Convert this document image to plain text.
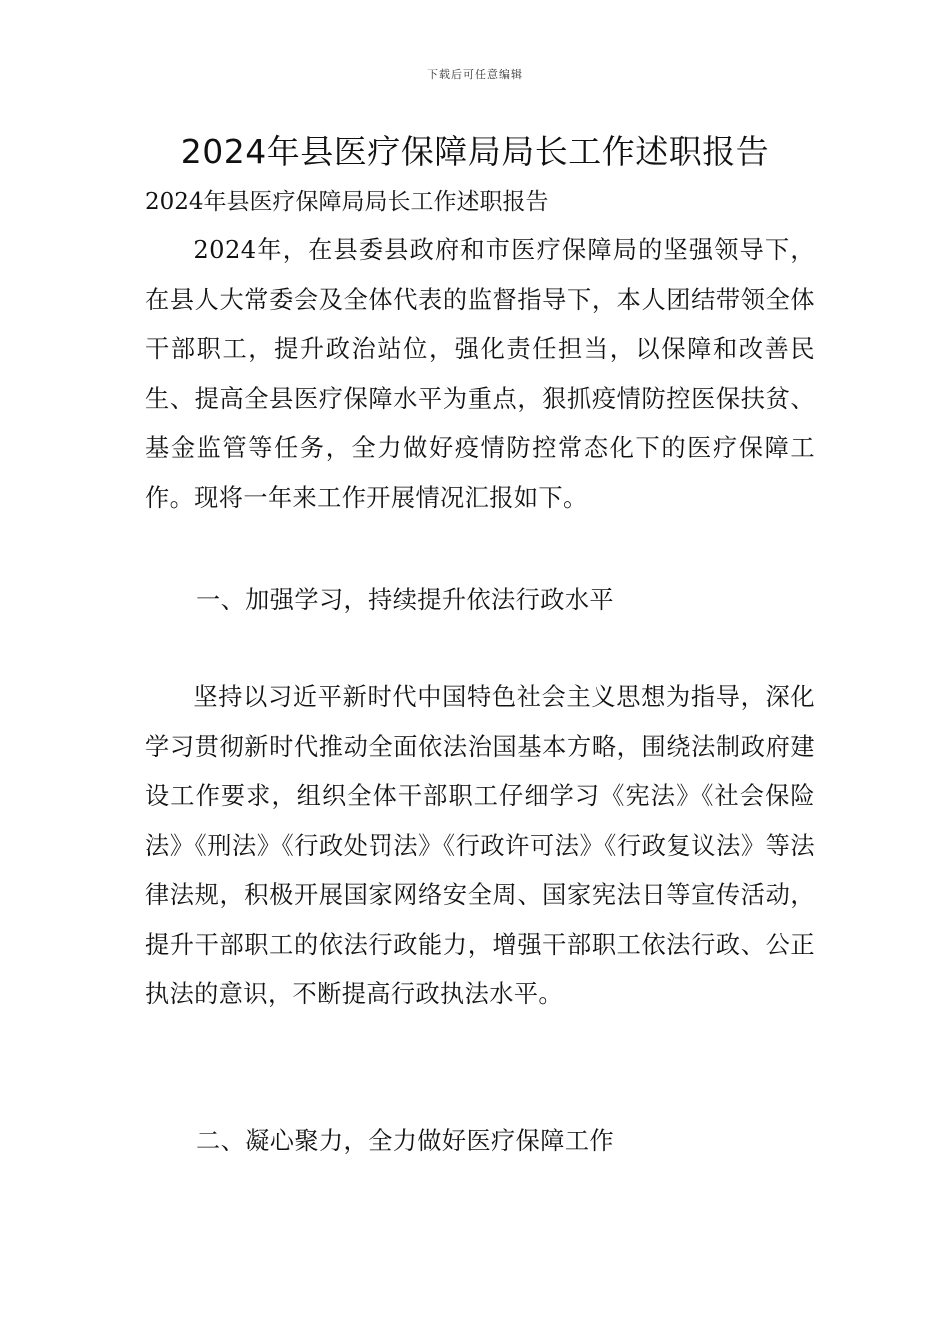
下载后可任意编辑
2024年县医疗保障局局长工作述职报告

2024年县医疗保障局局长工作述职报告

2024年，在县委县政府和市医疗保障局的坚强领导下，在县人大常委会及全体代表的监督指导下，本人团结带领全体干部职工，提升政治站位，强化责任担当，以保障和改善民生、提高全县医疗保障水平为重点，狠抓疫情防控医保扶贫、基金监管等任务，全力做好疫情防控常态化下的医疗保障工作。现将一年来工作开展情况汇报如下。

一、加强学习，持续提升依法行政水平

坚持以习近平新时代中国特色社会主义思想为指导，深化学习贯彻新时代推动全面依法治国基本方略，围绕法制政府建设工作要求，组织全体干部职工仔细学习《宪法》《社会保险法》《刑法》《行政处罚法》《行政许可法》《行政复议法》等法律法规，积极开展国家网络安全周、国家宪法日等宣传活动，提升干部职工的依法行政能力，增强干部职工依法行政、公正执法的意识，不断提高行政执法水平。

二、凝心聚力，全力做好医疗保障工作
